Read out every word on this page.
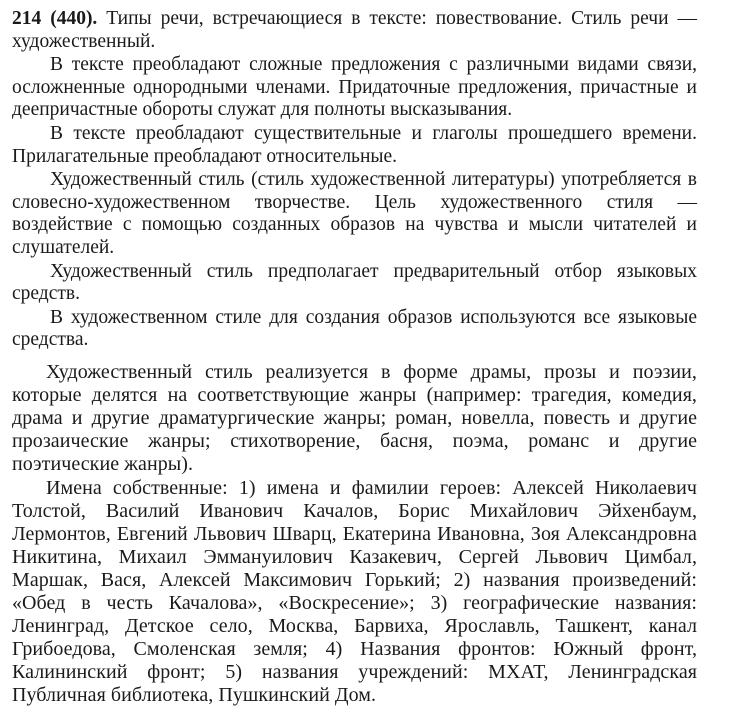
214 (440). Типы речи, встречающиеся в тексте: повествование. Стиль речи — художественный.

В тексте преобладают сложные предложения с различными видами связи, осложненные однородными членами. Придаточные предложения, причастные и деепричастные обороты служат для полноты высказывания.

В тексте преобладают существительные и глаголы прошедшего времени. Прилагательные преобладают относительные.

Художественный стиль (стиль художественной литературы) употребляется в словесно-художественном творчестве. Цель художественного стиля — воздействие с помощью созданных образов на чувства и мысли читателей и слушателей.

Художественный стиль предполагает предварительный отбор языковых средств.

В художественном стиле для создания образов используются все языковые средства.

Художественный стиль реализуется в форме драмы, прозы и поэзии, которые делятся на соответствующие жанры (например: трагедия, комедия, драма и другие драматургические жанры; роман, новелла, повесть и другие прозаические жанры; стихотворение, басня, поэма, романс и другие поэтические жанры).

Имена собственные: 1) имена и фамилии героев: Алексей Николаевич Толстой, Василий Иванович Качалов, Борис Михайлович Эйхенбаум, Лермонтов, Евгений Львович Шварц, Екатерина Ивановна, Зоя Александровна Никитина, Михаил Эммануилович Казакевич, Сергей Львович Цимбал, Маршак, Вася, Алексей Максимович Горький; 2) названия произведений: «Обед в честь Качалова», «Воскресение»; 3) географические названия: Ленинград, Детское село, Москва, Барвиха, Ярославль, Ташкент, канал Грибоедова, Смоленская земля; 4) Названия фронтов: Южный фронт, Калининский фронт; 5) названия учреждений: МХАТ, Ленинградская Публичная библиотека, Пушкинский Дом.
